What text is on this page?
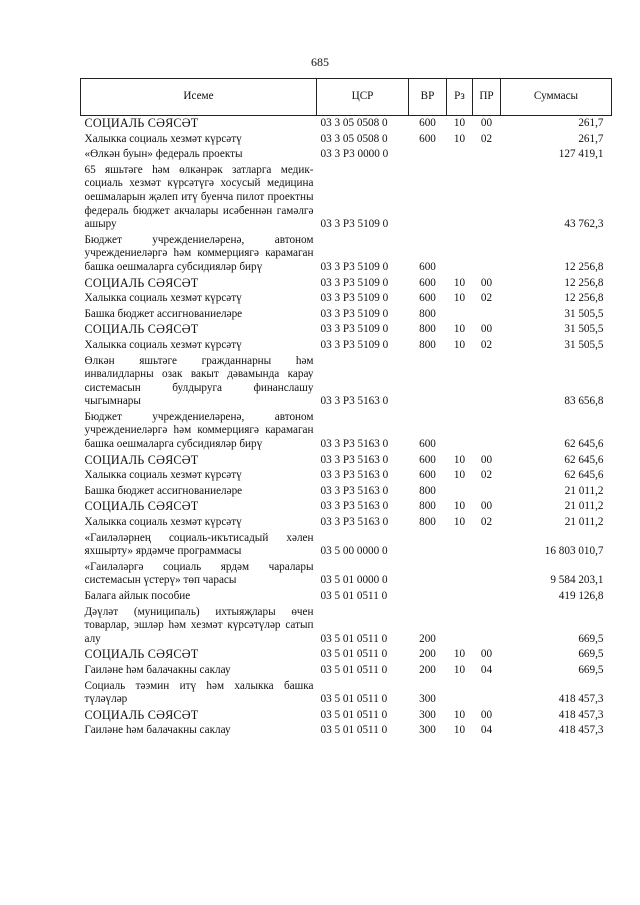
685
Исеме	ЦСР	ВР	Рз	ПР	Суммасы
СОЦИАЛЬ СӘЯСӘТ	03 3 05 0508 0	600	10	00	261,7
Халыкка социаль хезмәт күрсәтү	03 3 05 0508 0	600	10	02	261,7
«Өлкән буын» федераль проекты	03 3 Р3 0000 0				127 419,1
65 яшьтәге һәм өлкәнрәк затларга медик-социаль хезмәт күрсәтүгә хосусый медицина оешмаларын җәлеп итү буенча пилот проектны федераль бюджет акчалары исәбеннән гамәлгә ашыру	03 3 Р3 5109 0				43 762,3
Бюджет учреждениеләренә, автоном учреждениеләргә һәм коммерциягә карамаган башка оешмаларга субсидияләр бирү	03 3 Р3 5109 0	600			12 256,8
СОЦИАЛЬ СӘЯСӘТ	03 3 Р3 5109 0	600	10	00	12 256,8
Халыкка социаль хезмәт күрсәтү	03 3 Р3 5109 0	600	10	02	12 256,8
Башка бюджет ассигнованиеләре	03 3 Р3 5109 0	800			31 505,5
СОЦИАЛЬ СӘЯСӘТ	03 3 Р3 5109 0	800	10	00	31 505,5
Халыкка социаль хезмәт күрсәтү	03 3 Р3 5109 0	800	10	02	31 505,5
Өлкән яшьтәге гражданнарны һәм инвалидларны озак вакыт дәвамында карау системасын булдыруга финанслашу чыгымнары	03 3 Р3 5163 0				83 656,8
Бюджет учреждениеләренә, автоном учреждениеләргә һәм коммерциягә карамаган башка оешмаларга субсидияләр бирү	03 3 Р3 5163 0	600			62 645,6
СОЦИАЛЬ СӘЯСӘТ	03 3 Р3 5163 0	600	10	00	62 645,6
Халыкка социаль хезмәт күрсәтү	03 3 Р3 5163 0	600	10	02	62 645,6
Башка бюджет ассигнованиеләре	03 3 Р3 5163 0	800			21 011,2
СОЦИАЛЬ СӘЯСӘТ	03 3 Р3 5163 0	800	10	00	21 011,2
Халыкка социаль хезмәт күрсәтү	03 3 Р3 5163 0	800	10	02	21 011,2
«Гаиләләрнең социаль-икътисадый хәлен яхшырту» ярдәмче программасы	03 5 00 0000 0				16 803 010,7
«Гаиләләргә социаль ярдәм чаралары системасын үстерү» төп чарасы	03 5 01 0000 0				9 584 203,1
Балага айлык пособие	03 5 01 0511 0				419 126,8
Дәүләт (муниципаль) ихтыяҗлары өчен товарлар, эшләр һәм хезмәт күрсәтүләр сатып алу	03 5 01 0511 0	200			669,5
СОЦИАЛЬ СӘЯСӘТ	03 5 01 0511 0	200	10	00	669,5
Гаиләне һәм балачакны саклау	03 5 01 0511 0	200	10	04	669,5
Социаль тәэмин итү һәм халыкка башка түләүләр	03 5 01 0511 0	300			418 457,3
СОЦИАЛЬ СӘЯСӘТ	03 5 01 0511 0	300	10	00	418 457,3
Гаиләне һәм балачакны саклау	03 5 01 0511 0	300	10	04	418 457,3
